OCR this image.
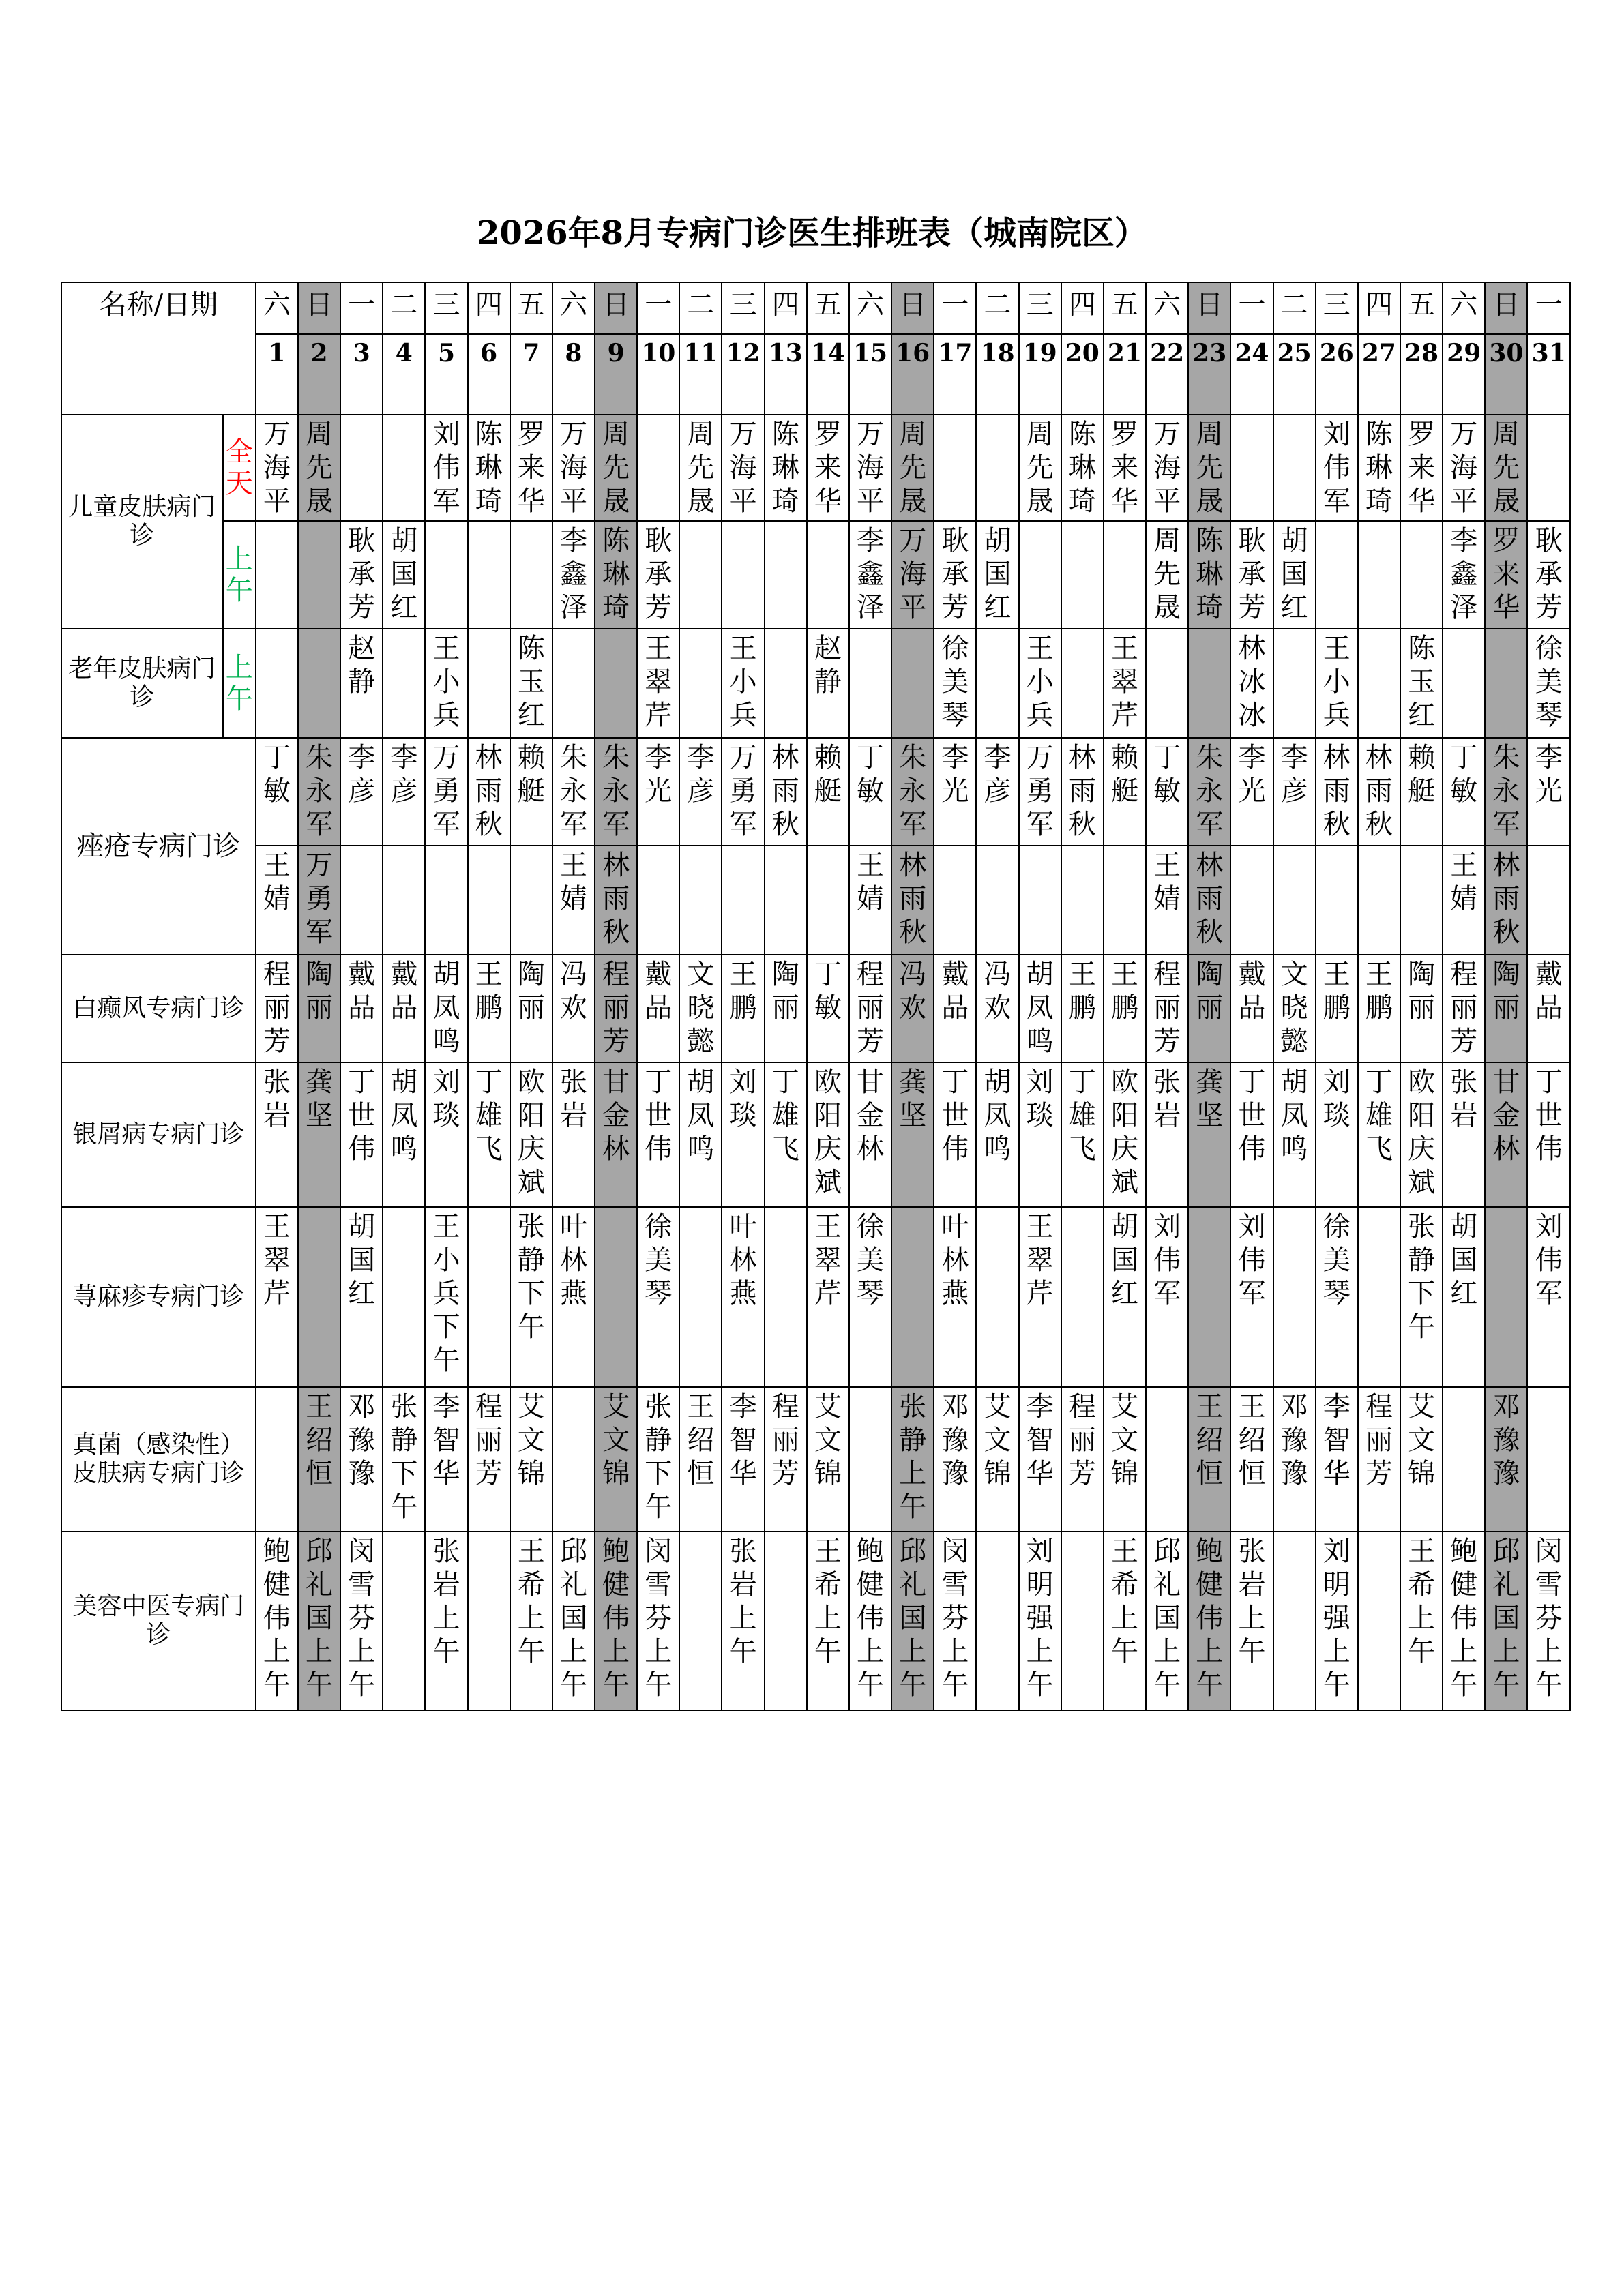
2026年8月专病门诊医生排班表（城南院区）
名称/日期		六	日	一	二	三	四	五	六	日	一	二	三	四	五	六	日	一	二	三	四	五	六	日	一	二	三	四	五	六	日	一

		1	2	3	4	5	6	7	8	9	10	11	12	13	14	15	16	17	18	19	20	21	22	23	24	25	26	27	28	29	30	31

儿童皮肤病门诊	全天	万海平	周先晟			刘伟军	陈琳琦	罗来华	万海平	周先晟		周先晟	万海平	陈琳琦	罗来华	万海平	周先晟			周先晟	陈琳琦	罗来华	万海平	周先晟			刘伟军	陈琳琦	罗来华	万海平	周先晟	

	上午			耿承芳	胡国红				李鑫泽	陈琳琦	耿承芳					李鑫泽	万海平	耿承芳	胡国红				周先晟	陈琳琦	耿承芳	胡国红				李鑫泽	罗来华	耿承芳

老年皮肤病门诊	上午			赵静		王小兵		陈玉红			王翠芹		王小兵		赵静			徐美琴		王小兵		王翠芹			林冰冰		王小兵		陈玉红			徐美琴

痤疮专病门诊		丁敏	朱永军	李彦	李彦	万勇军	林雨秋	赖艇	朱永军	朱永军	李光	李彦	万勇军	林雨秋	赖艇	丁敏	朱永军	李光	李彦	万勇军	林雨秋	赖艇	丁敏	朱永军	李光	李彦	林雨秋	林雨秋	赖艇	丁敏	朱永军	李光

		王婧	万勇军						王婧	林雨秋						王婧	林雨秋						王婧	林雨秋						王婧	林雨秋	

白癫风专病门诊		程丽芳	陶丽	戴品	戴品	胡凤鸣	王鹏	陶丽	冯欢	程丽芳	戴品	文晓懿	王鹏	陶丽	丁敏	程丽芳	冯欢	戴品	冯欢	胡凤鸣	王鹏	王鹏	程丽芳	陶丽	戴品	文晓懿	王鹏	王鹏	陶丽	程丽芳	陶丽	戴品

银屑病专病门诊		张岩	龚坚	丁世伟	胡凤鸣	刘琰	丁雄飞	欧阳庆斌	张岩	甘金林	丁世伟	胡凤鸣	刘琰	丁雄飞	欧阳庆斌	甘金林	龚坚	丁世伟	胡凤鸣	刘琰	丁雄飞	欧阳庆斌	张岩	龚坚	丁世伟	胡凤鸣	刘琰	丁雄飞	欧阳庆斌	张岩	甘金林	丁世伟

荨麻疹专病门诊		王翠芹		胡国红		王小兵下午		张静下午	叶林燕		徐美琴		叶林燕		王翠芹	徐美琴		叶林燕		王翠芹		胡国红	刘伟军		刘伟军		徐美琴		张静下午	胡国红		刘伟军

真菌（感染性）皮肤病专病门诊			王绍恒	邓豫豫	张静下午	李智华	程丽芳	艾文锦		艾文锦	张静下午	王绍恒	李智华	程丽芳	艾文锦		张静上午	邓豫豫	艾文锦	李智华	程丽芳	艾文锦		王绍恒	王绍恒	邓豫豫	李智华	程丽芳	艾文锦		邓豫豫	

美容中医专病门诊		鲍健伟上午	邱礼国上午	闵雪芬上午		张岩上午		王希上午	邱礼国上午	鲍健伟上午	闵雪芬上午		张岩上午		王希上午	鲍健伟上午	邱礼国上午	闵雪芬上午		刘明强上午		王希上午	邱礼国上午	鲍健伟上午	张岩上午		刘明强上午		王希上午	鲍健伟上午	邱礼国上午	闵雪芬上午
